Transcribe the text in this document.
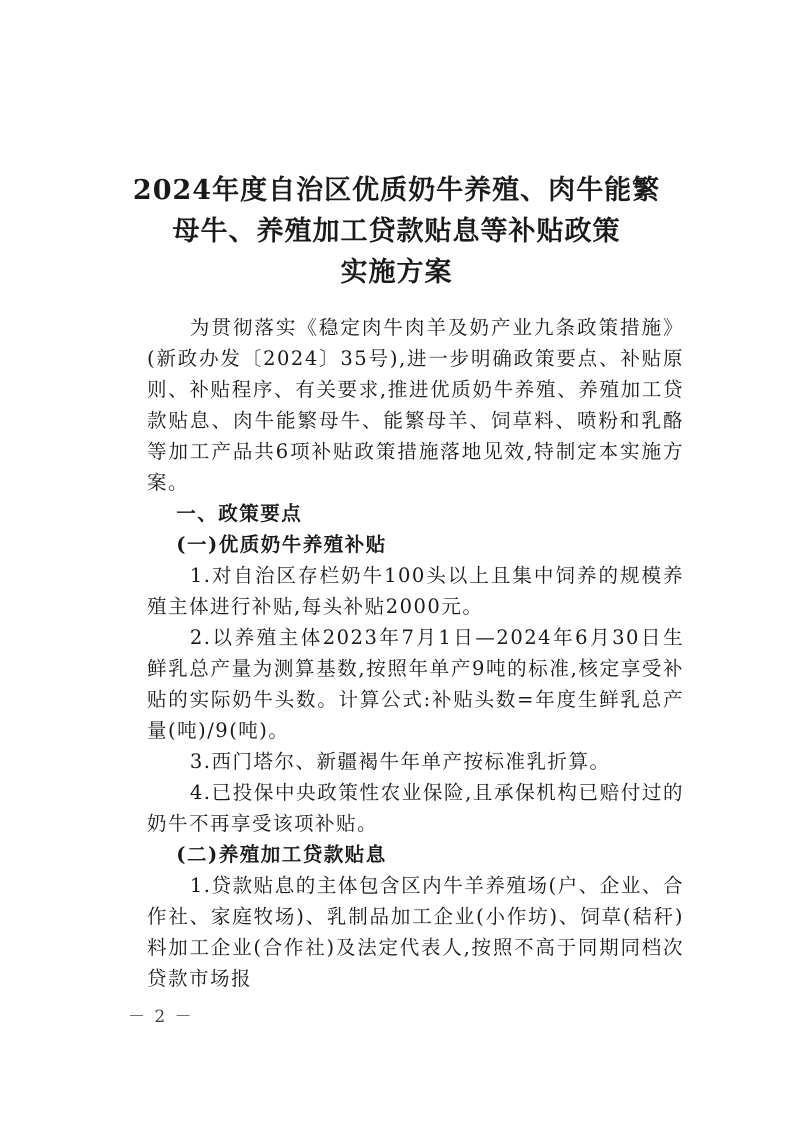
2024年度自治区优质奶牛养殖、肉牛能繁
母牛、养殖加工贷款贴息等补贴政策
实施方案

为贯彻落实《稳定肉牛肉羊及奶产业九条政策措施》(新政办发〔2024〕35号),进一步明确政策要点、补贴原则、补贴程序、有关要求,推进优质奶牛养殖、养殖加工贷款贴息、肉牛能繁母牛、能繁母羊、饲草料、喷粉和乳酪等加工产品共6项补贴政策措施落地见效,特制定本实施方案。

一、政策要点

(一)优质奶牛养殖补贴

1.对自治区存栏奶牛100头以上且集中饲养的规模养殖主体进行补贴,每头补贴2000元。

2.以养殖主体2023年7月1日—2024年6月30日生鲜乳总产量为测算基数,按照年单产9吨的标准,核定享受补贴的实际奶牛头数。计算公式:补贴头数=年度生鲜乳总产量(吨)/9(吨)。

3.西门塔尔、新疆褐牛年单产按标准乳折算。

4.已投保中央政策性农业保险,且承保机构已赔付过的奶牛不再享受该项补贴。

(二)养殖加工贷款贴息

1.贷款贴息的主体包含区内牛羊养殖场(户、企业、合作社、家庭牧场)、乳制品加工企业(小作坊)、饲草(秸秆)料加工企业(合作社)及法定代表人,按照不高于同期同档次贷款市场报

－ 2 －
